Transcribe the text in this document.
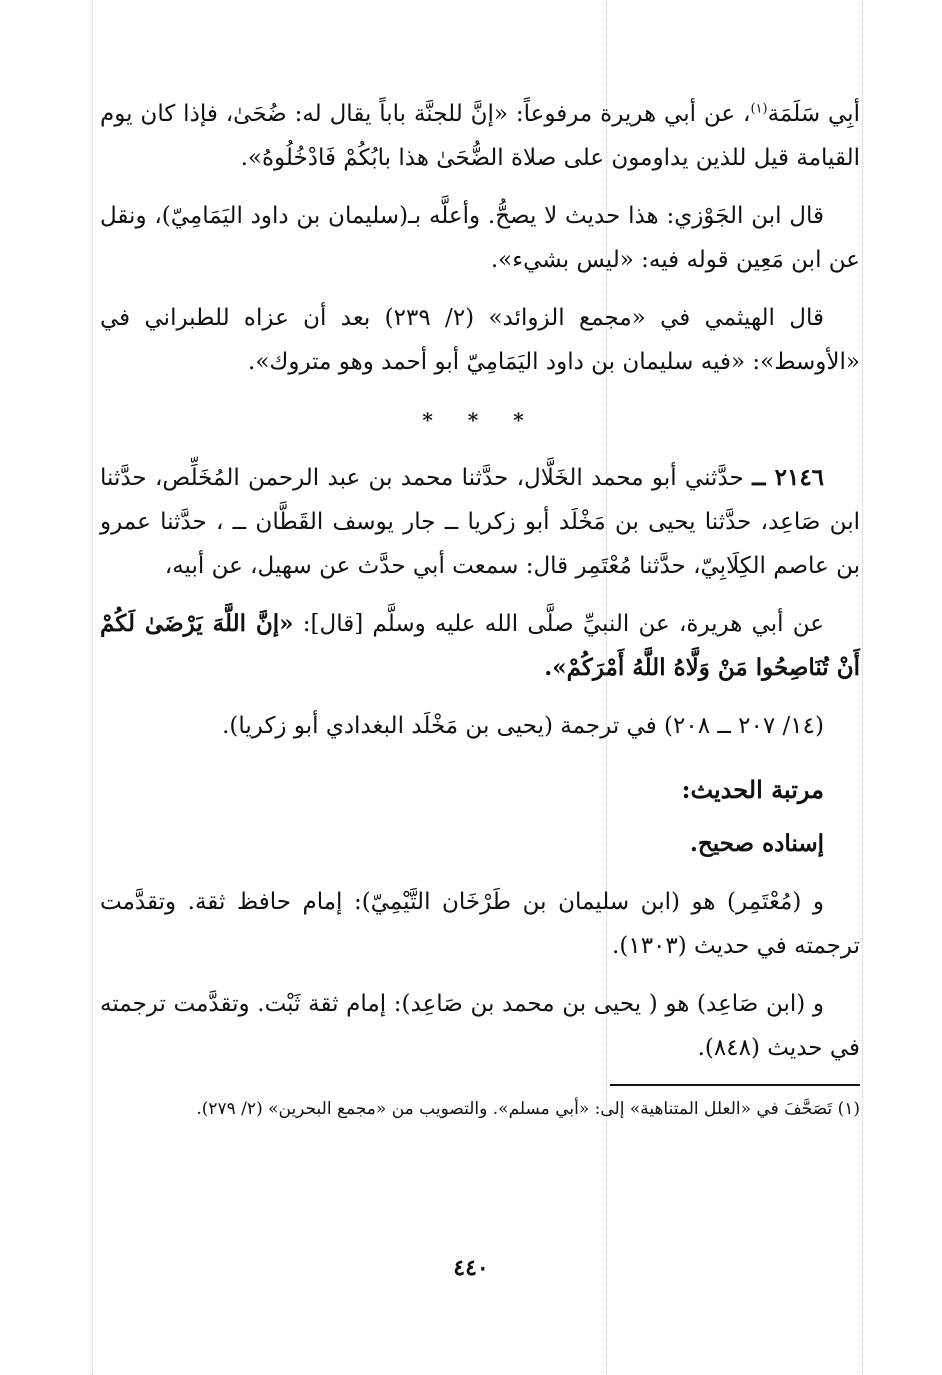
أبِي سَلَمَة$^{(١)}$، عن أبي هريرة مرفوعاً: «إنَّ للجنَّة باباً يقال له: ضُحَىٰ، فإذا كان يوم القيامة قيل للذين يداومون على صلاة الضُّحَىٰ هذا بابُكُمْ فَادْخُلُوهُ».

قال ابن الجَوْزي: هذا حديث لا يصحُّ. وأعلَّه بـ(سليمان بن داود اليَمَامِيّ)، ونقل عن ابن مَعِين قوله فيه: «ليس بشيء».

قال الهيثمي في «مجمع الزوائد» (٢/ ٢٣٩) بعد أن عزاه للطبراني في «الأوسط»: «فيه سليمان بن داود اليَمَامِيّ أبو أحمد وهو متروك».

* * *

٢١٤٦ ــ حدَّثني أبو محمد الخَلَّال، حدَّثنا محمد بن عبد الرحمن المُخَلِّص، حدَّثنا ابن صَاعِد، حدَّثنا يحيى بن مَخْلَد أبو زكريا ــ جار يوسف القَطَّان ــ ، حدَّثنا عمرو بن عاصم الكِلَابِيّ، حدَّثنا مُعْتَمِر قال: سمعت أبي حدَّث عن سهيل، عن أبيه،

عن أبي هريرة، عن النبيِّ صلَّى الله عليه وسلَّم [قال]: «إنَّ اللَّهَ يَرْضَىٰ لَكُمْ أَنْ تُنَاصِحُوا مَنْ وَلَّاهُ اللَّهُ أَمْرَكُمْ».

(١٤/ ٢٠٧ ــ ٢٠٨) في ترجمة (يحيى بن مَخْلَد البغدادي أبو زكريا).

مرتبة الحديث:
إسناده صحيح.

و (مُعْتَمِر) هو (ابن سليمان بن طَرْخَان التَّيْمِيّ): إمام حافظ ثقة. وتقدَّمت ترجمته في حديث (١٣٠٣).

و (ابن صَاعِد) هو ( يحيى بن محمد بن صَاعِد): إمام ثقة ثَبْت. وتقدَّمت ترجمته في حديث (٨٤٨).

(١) تَصَحَّفَ في «العلل المتناهية» إلى: «أبي مسلم». والتصويب من «مجمع البحرين» (٢/ ٢٧٩).

٤٤٠
